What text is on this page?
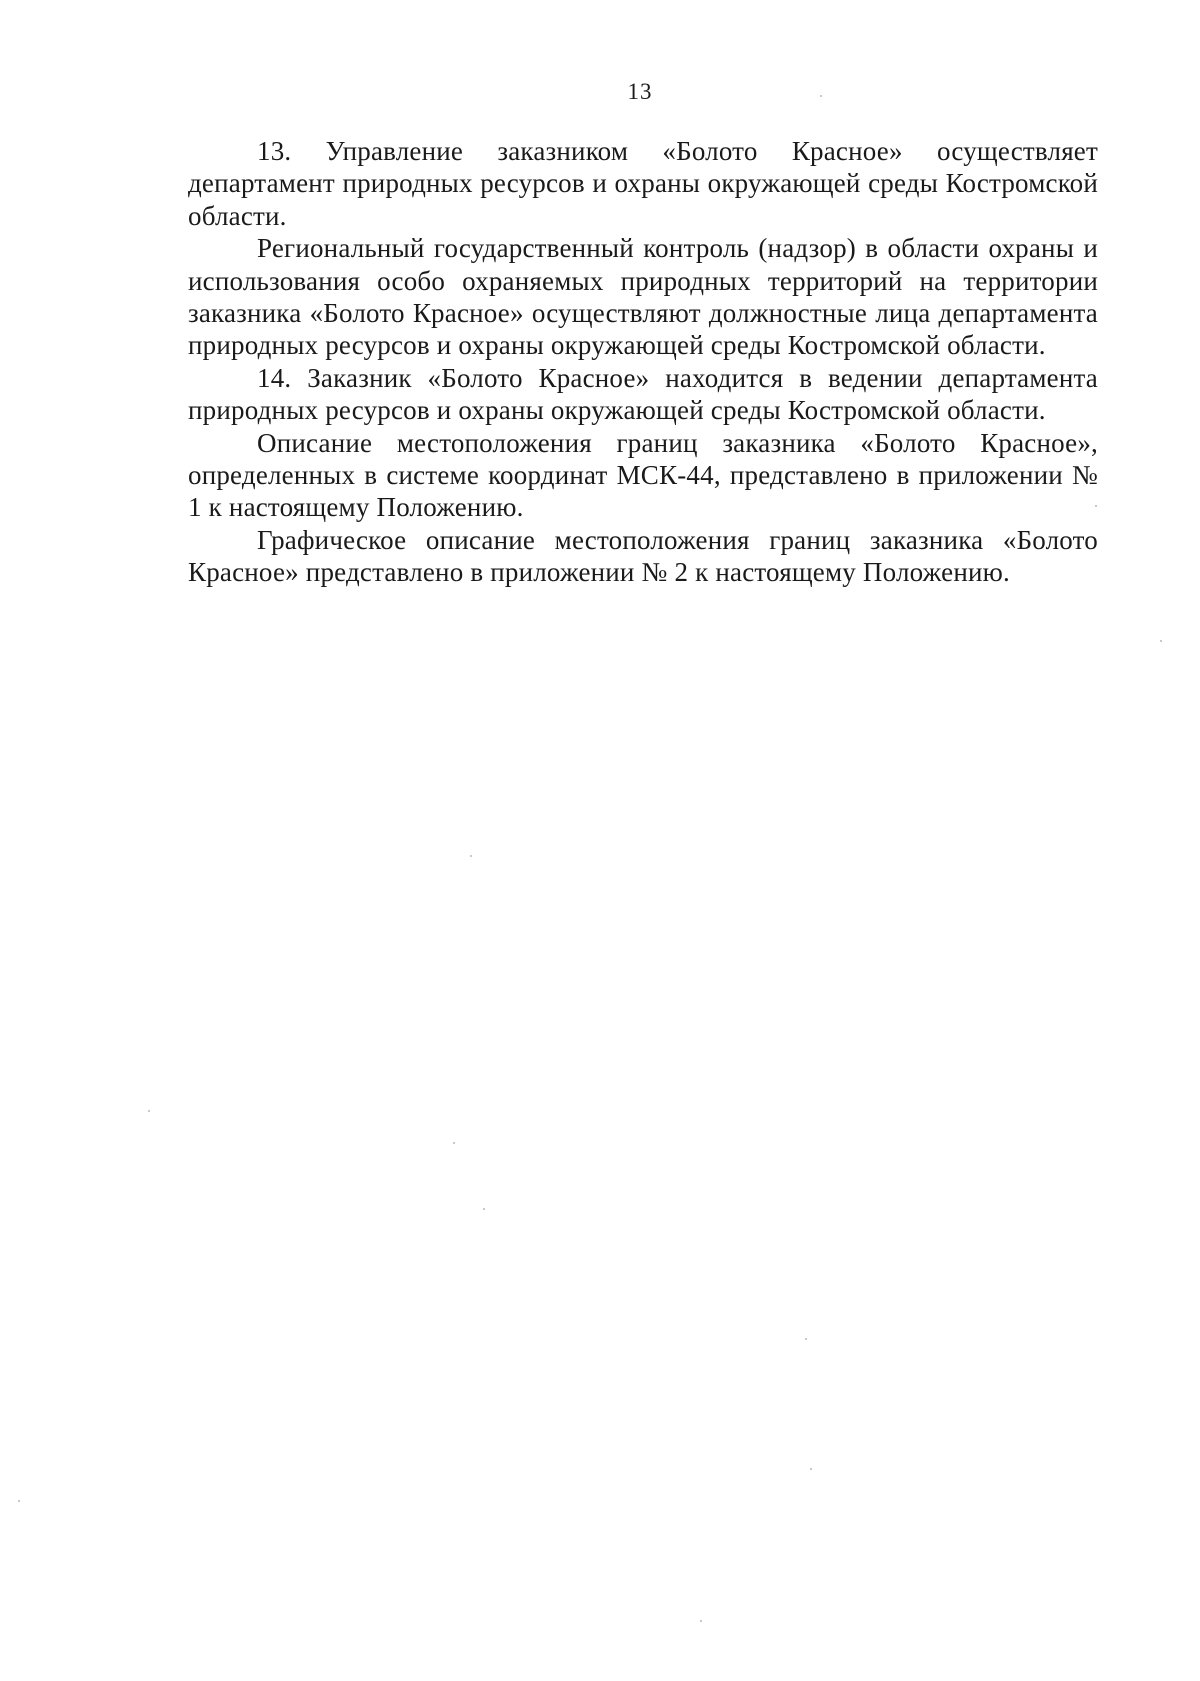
13

13. Управление заказником «Болото Красное» осуществляет департамент природных ресурсов и охраны окружающей среды Костромской области.

Региональный государственный контроль (надзор) в области охраны и использования особо охраняемых природных территорий на территории заказника «Болото Красное» осуществляют должностные лица департамента природных ресурсов и охраны окружающей среды Костромской области.

14. Заказник «Болото Красное» находится в ведении департамента природных ресурсов и охраны окружающей среды Костромской области.

Описание местоположения границ заказника «Болото Красное», определенных в системе координат МСК-44, представлено в приложении № 1 к настоящему Положению.

Графическое описание местоположения границ заказника «Болото Красное» представлено в приложении № 2 к настоящему Положению.
